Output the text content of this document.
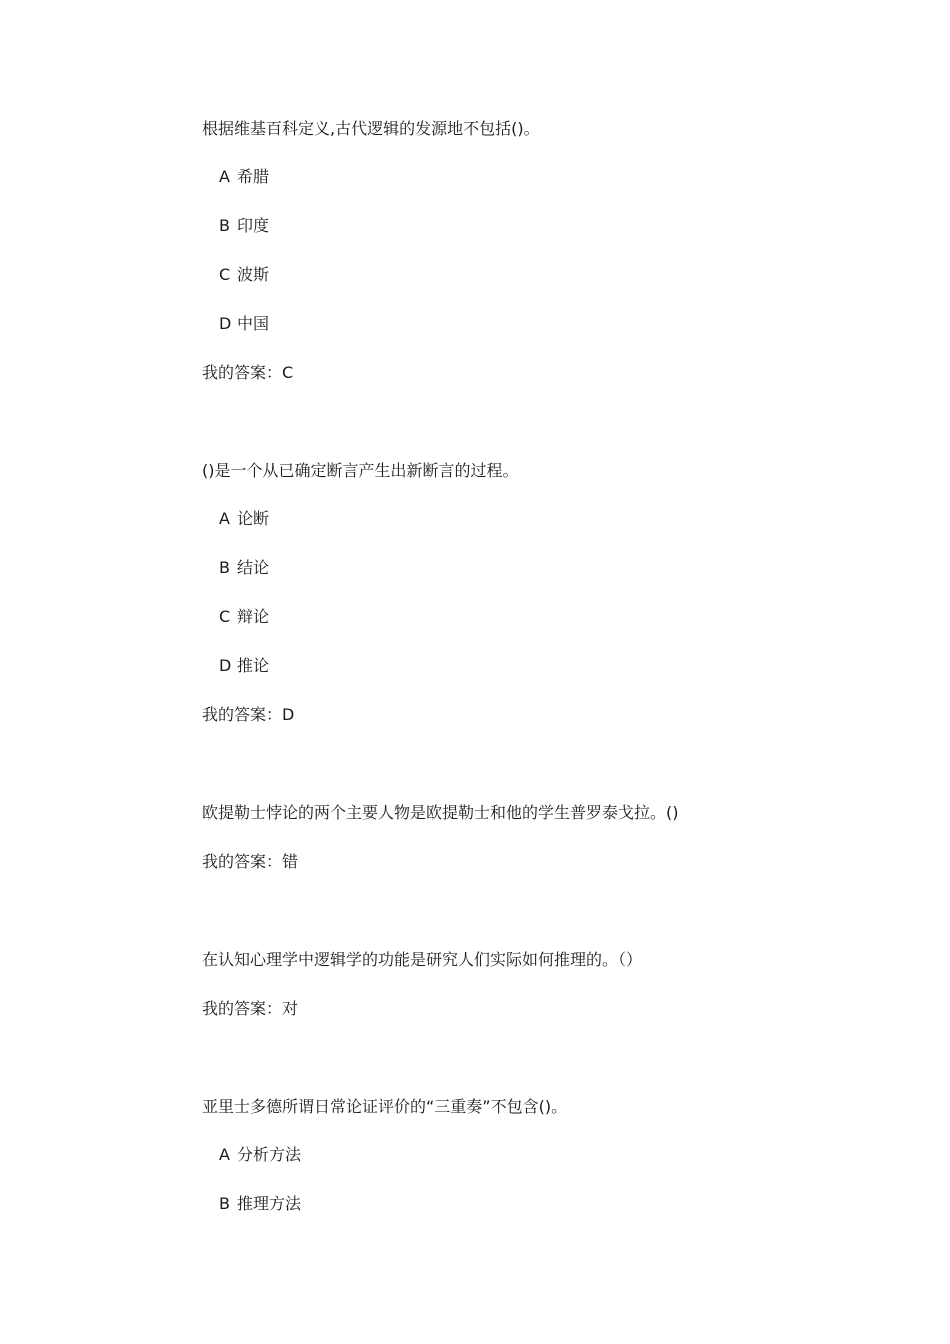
根据维基百科定义,古代逻辑的发源地不包括()。
A 希腊
B 印度
C 波斯
D 中国
我的答案：C
()是一个从已确定断言产生出新断言的过程。
A 论断
B 结论
C 辩论
D 推论
我的答案：D
欧提勒士悖论的两个主要人物是欧提勒士和他的学生普罗泰戈拉。()
我的答案：错
在认知心理学中逻辑学的功能是研究人们实际如何推理的。（）
我的答案：对
亚里士多德所谓日常论证评价的“三重奏”不包含()。
A 分析方法
B 推理方法
